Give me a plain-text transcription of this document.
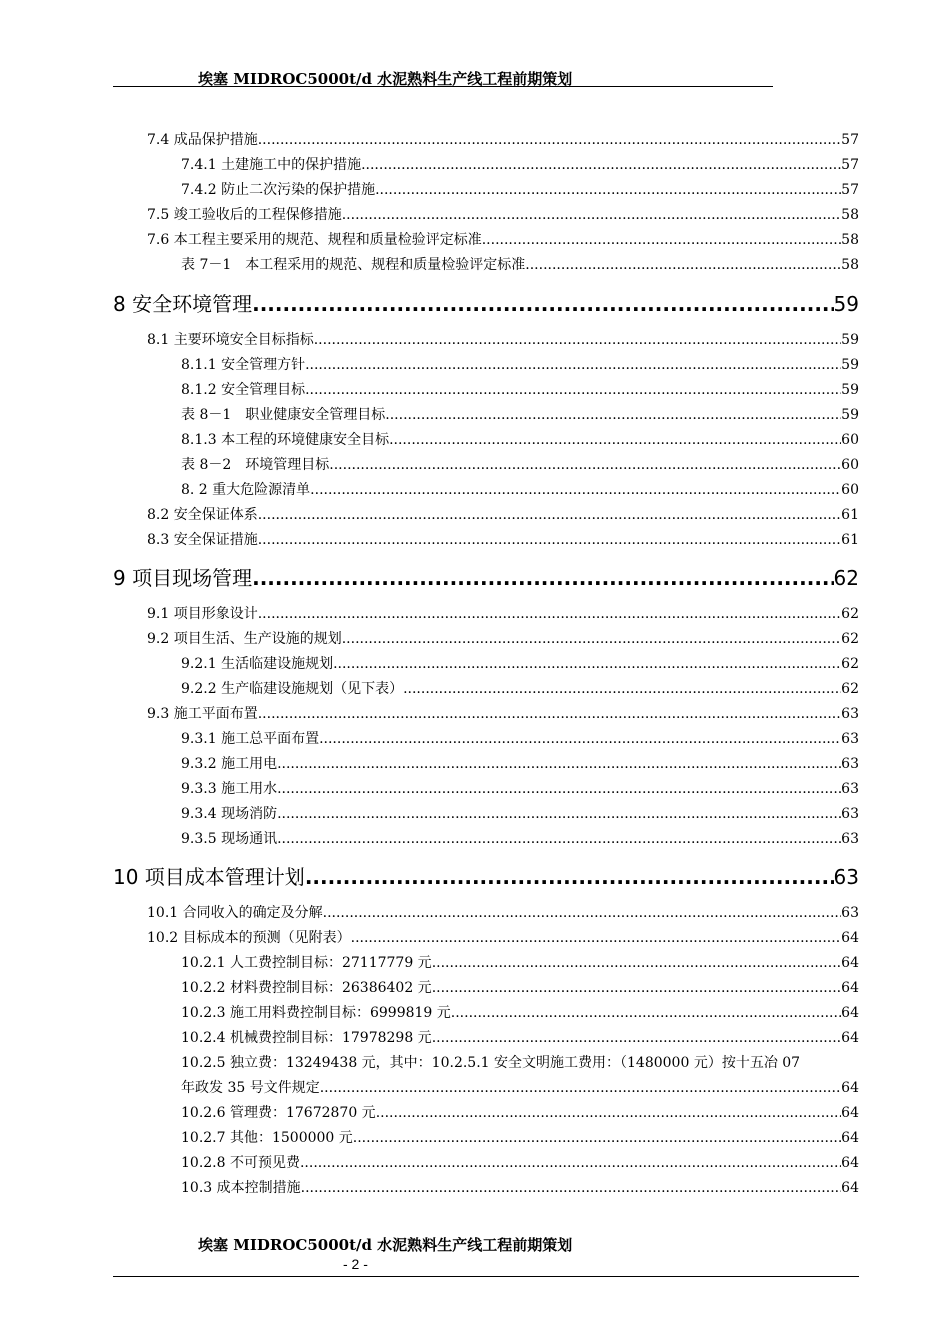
埃塞 MIDROC5000t/d 水泥熟料生产线工程前期策划
7.4 成品保护措施 .....	57
7.4.1 土建施工中的保护措施 .....	57
7.4.2 防止二次污染的保护措施 .....	57
7.5 竣工验收后的工程保修措施 .....	58
7.6 本工程主要采用的规范、规程和质量检验评定标准 .....	58
表 7－1　本工程采用的规范、规程和质量检验评定标准 .....	58
8 安全环境管理 .....	59
8.1 主要环境安全目标指标 .....	59
8.1.1 安全管理方针 .....	59
8.1.2 安全管理目标 .....	59
表 8－1　职业健康安全管理目标 .....	59
8.1.3 本工程的环境健康安全目标 .....	60
表 8－2　环境管理目标 .....	60
8. 2 重大危险源清单 .....	60
8.2 安全保证体系 .....	61
8.3 安全保证措施 .....	61
9 项目现场管理 .....	62
9.1 项目形象设计 .....	62
9.2 项目生活、生产设施的规划 .....	62
9.2.1 生活临建设施规划 .....	62
9.2.2 生产临建设施规划（见下表） .....	62
9.3 施工平面布置 .....	63
9.3.1 施工总平面布置 .....	63
9.3.2 施工用电 .....	63
9.3.3 施工用水 .....	63
9.3.4 现场消防 .....	63
9.3.5 现场通讯 .....	63
10 项目成本管理计划 .....	63
10.1 合同收入的确定及分解 .....	63
10.2 目标成本的预测（见附表） .....	64
10.2.1 人工费控制目标：27117779 元 .....	64
10.2.2 材料费控制目标：26386402 元 .....	64
10.2.3 施工用料费控制目标：6999819 元 .....	64
10.2.4 机械费控制目标：17978298 元 .....	64
10.2.5 独立费：13249438 元，其中：10.2.5.1 安全文明施工费用：（1480000 元）按十五冶 07
年政发 35 号文件规定 .....	64
10.2.6 管理费：17672870 元 .....	64
10.2.7 其他：1500000 元 .....	64
10.2.8 不可预见费 .....	64
10.3 成本控制措施 .....	64
埃塞 MIDROC5000t/d 水泥熟料生产线工程前期策划
- 2 -
